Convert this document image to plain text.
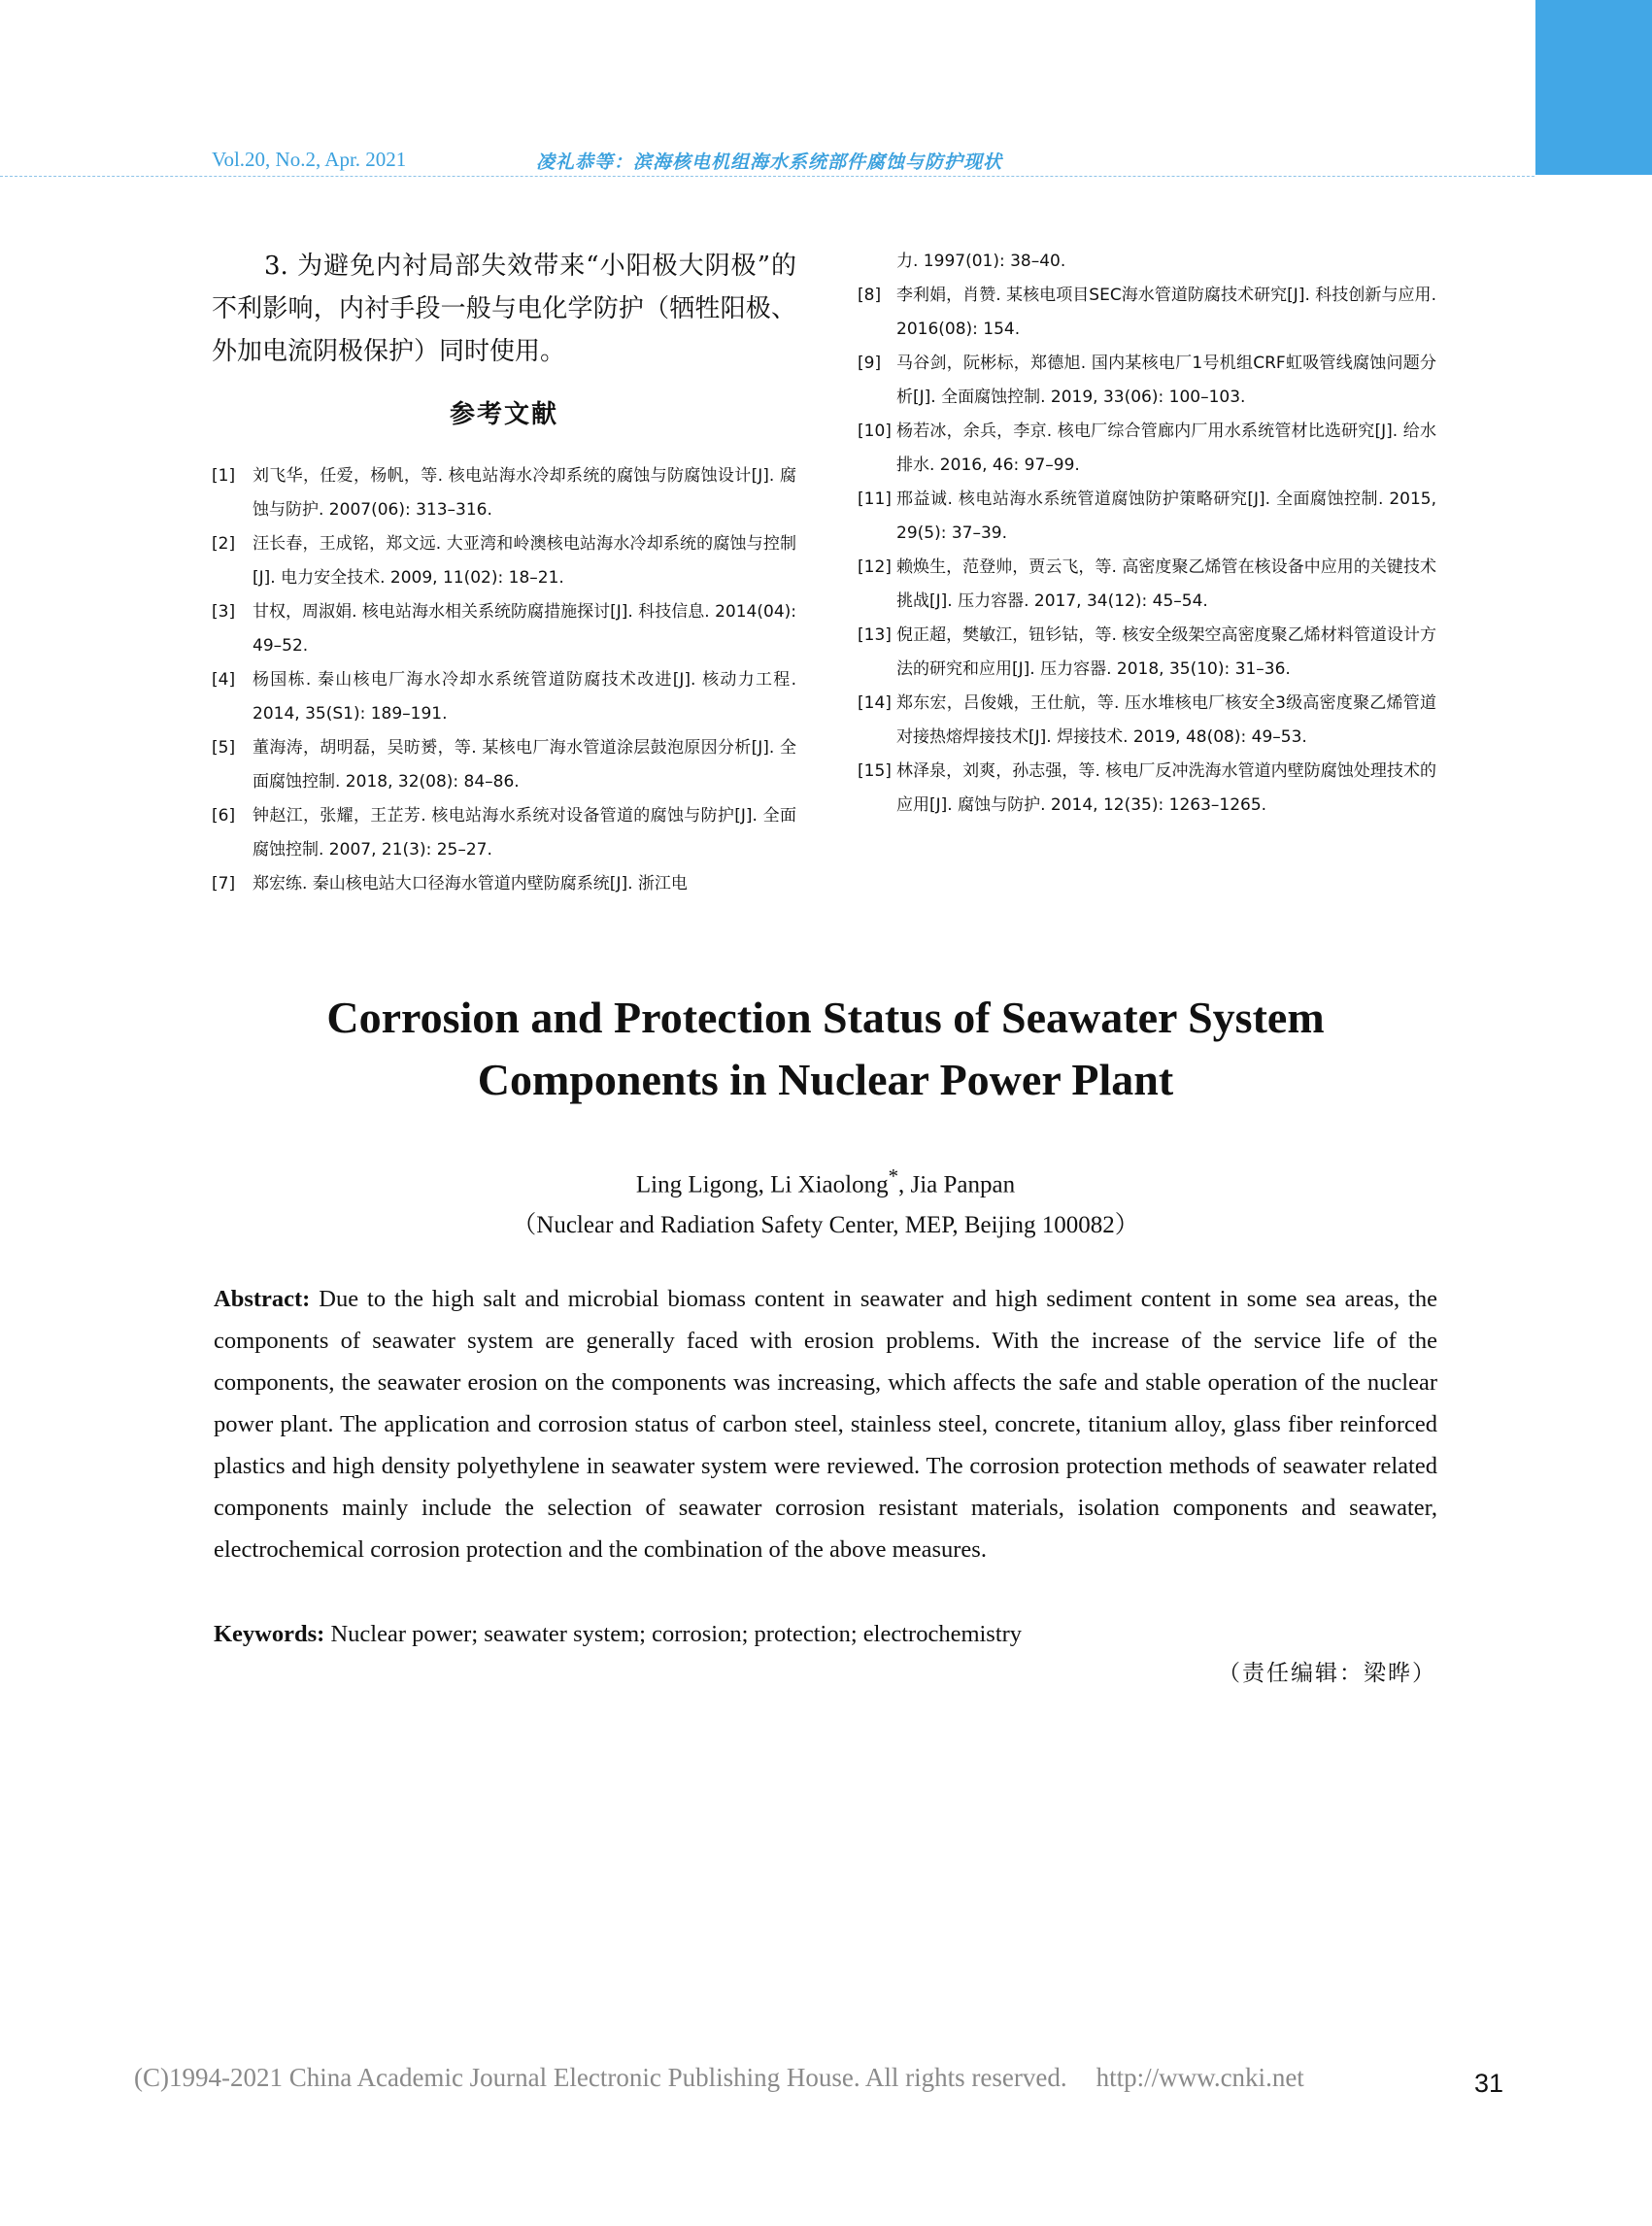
Vol.20, No.2, Apr. 2021	凌礼恭等：滨海核电机组海水系统部件腐蚀与防护现状

3. 为避免内衬局部失效带来“小阳极大阴极”的不利影响，内衬手段一般与电化学防护（牺牲阳极、外加电流阴极保护）同时使用。

参考文献
[1] 刘飞华，任爱，杨帆，等. 核电站海水冷却系统的腐蚀与防腐蚀设计[J]. 腐蚀与防护. 2007(06): 313–316.
[2] 汪长春，王成铭，郑文远. 大亚湾和岭澳核电站海水冷却系统的腐蚀与控制[J]. 电力安全技术. 2009, 11(02): 18–21.
[3] 甘权，周淑娟. 核电站海水相关系统防腐措施探讨[J]. 科技信息. 2014(04): 49–52.
[4] 杨国栋. 秦山核电厂海水冷却水系统管道防腐技术改进[J]. 核动力工程. 2014, 35(S1): 189–191.
[5] 董海涛，胡明磊，吴昉赟，等. 某核电厂海水管道涂层鼓泡原因分析[J]. 全面腐蚀控制. 2018, 32(08): 84–86.
[6] 钟赵江，张耀，王芷芳. 核电站海水系统对设备管道的腐蚀与防护[J]. 全面腐蚀控制. 2007, 21(3): 25–27.
[7] 郑宏练. 秦山核电站大口径海水管道内壁防腐系统[J]. 浙江电
力. 1997(01): 38–40.
[8] 李利娟，肖赞. 某核电项目SEC海水管道防腐技术研究[J]. 科技创新与应用. 2016(08): 154.
[9] 马谷剑，阮彬标，郑德旭. 国内某核电厂1号机组CRF虹吸管线腐蚀问题分析[J]. 全面腐蚀控制. 2019, 33(06): 100–103.
[10] 杨若冰，余兵，李京. 核电厂综合管廊内厂用水系统管材比选研究[J]. 给水排水. 2016, 46: 97–99.
[11] 邢益诚. 核电站海水系统管道腐蚀防护策略研究[J]. 全面腐蚀控制. 2015, 29(5): 37–39.
[12] 赖焕生，范登帅，贾云飞，等. 高密度聚乙烯管在核设备中应用的关键技术挑战[J]. 压力容器. 2017, 34(12): 45–54.
[13] 倪正超，樊敏江，钮钐钴，等. 核安全级架空高密度聚乙烯材料管道设计方法的研究和应用[J]. 压力容器. 2018, 35(10): 31–36.
[14] 郑东宏，吕俊娥，王仕航，等. 压水堆核电厂核安全3级高密度聚乙烯管道对接热熔焊接技术[J]. 焊接技术. 2019, 48(08): 49–53.
[15] 林泽泉，刘爽，孙志强，等. 核电厂反冲洗海水管道内壁防腐蚀处理技术的应用[J]. 腐蚀与防护. 2014, 12(35): 1263–1265.
Corrosion and Protection Status of Seawater System
Components in Nuclear Power Plant
Ling Ligong, Li Xiaolong*, Jia Panpan
（Nuclear and Radiation Safety Center, MEP, Beijing 100082）
Abstract: Due to the high salt and microbial biomass content in seawater and high sediment content in some sea areas, the components of seawater system are generally faced with erosion problems. With the increase of the service life of the components, the seawater erosion on the components was increasing, which affects the safe and stable operation of the nuclear power plant. The application and corrosion status of carbon steel, stainless steel, concrete, titanium alloy, glass fiber reinforced plastics and high density polyethylene in seawater system were reviewed. The corrosion protection methods of seawater related components mainly include the selection of seawater corrosion resistant materials, isolation components and seawater, electrochemical corrosion protection and the combination of the above measures.
Keywords: Nuclear power; seawater system; corrosion; protection; electrochemistry
（责任编辑：梁晔）
(C)1994-2021 China Academic Journal Electronic Publishing House. All rights reserved. http://www.cnki.net	31
